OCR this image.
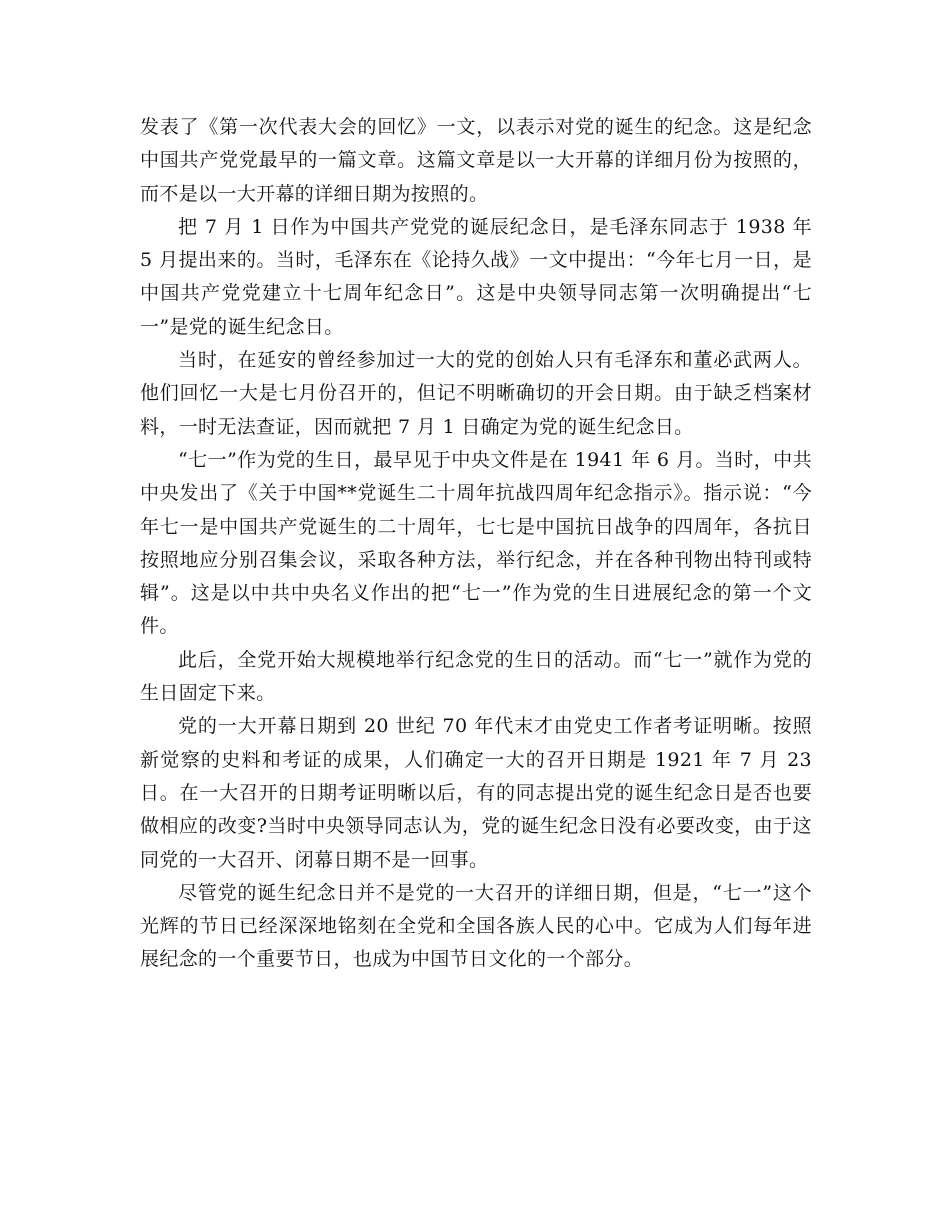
发表了《第一次代表大会的回忆》一文，以表示对党的诞生的纪念。这是纪念中国共产党党最早的一篇文章。这篇文章是以一大开幕的详细月份为按照的，而不是以一大开幕的详细日期为按照的。

把 7 月 1 日作为中国共产党党的诞辰纪念日，是毛泽东同志于 1938 年 5 月提出来的。当时，毛泽东在《论持久战》一文中提出：“今年七月一日，是中国共产党党建立十七周年纪念日”。这是中央领导同志第一次明确提出“七一”是党的诞生纪念日。

当时，在延安的曾经参加过一大的党的创始人只有毛泽东和董必武两人。他们回忆一大是七月份召开的，但记不明晰确切的开会日期。由于缺乏档案材料，一时无法查证，因而就把 7 月 1 日确定为党的诞生纪念日。

“七一”作为党的生日，最早见于中央文件是在 1941 年 6 月。当时，中共中央发出了《关于中国**党诞生二十周年抗战四周年纪念指示》。指示说：“今年七一是中国共产党诞生的二十周年，七七是中国抗日战争的四周年，各抗日按照地应分别召集会议，采取各种方法，举行纪念，并在各种刊物出特刊或特辑”。这是以中共中央名义作出的把“七一”作为党的生日进展纪念的第一个文件。

此后，全党开始大规模地举行纪念党的生日的活动。而“七一”就作为党的生日固定下来。

党的一大开幕日期到 20 世纪 70 年代末才由党史工作者考证明晰。按照新觉察的史料和考证的成果，人们确定一大的召开日期是 1921 年 7 月 23 日。在一大召开的日期考证明晰以后，有的同志提出党的诞生纪念日是否也要做相应的改变?当时中央领导同志认为，党的诞生纪念日没有必要改变，由于这同党的一大召开、闭幕日期不是一回事。

尽管党的诞生纪念日并不是党的一大召开的详细日期，但是，“七一”这个光辉的节日已经深深地铭刻在全党和全国各族人民的心中。它成为人们每年进展纪念的一个重要节日，也成为中国节日文化的一个部分。
